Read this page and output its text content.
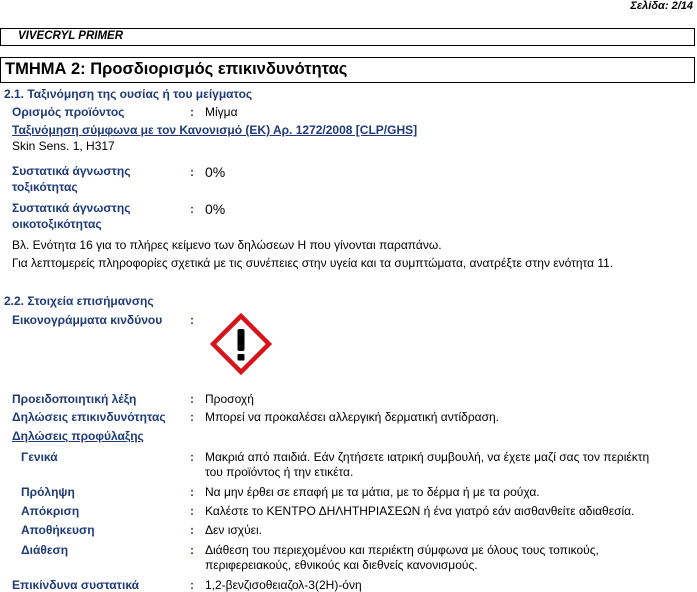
Σελίδα: 2/14
VIVECRYL PRIMER
ΤΜΗΜΑ 2: Προσδιορισμός επικινδυνότητας
2.1. Ταξινόμηση της ουσίας ή του μείγματος
Ορισμός προϊόντος	: Μίγμα
Ταξινόμηση σύμφωνα με τον Κανονισμό (ΕΚ) Αρ. 1272/2008 [CLP/GHS]
Skin Sens. 1, H317
Συστατικά άγνωστης
τοξικότητας
: 0%
Συστατικά άγνωστης
οικοτοξικότητας
: 0%
Βλ. Ενότητα 16 για το πλήρες κείμενο των δηλώσεων Η που γίνονται παραπάνω.
Για λεπτομερείς πληροφορίες σχετικά με τις συνέπειες στην υγεία και τα συμπτώματα, ανατρέξτε στην ενότητα 11.
2.2. Στοιχεία επισήμανσης
Εικονογράμματα κινδύνου :
Προειδοποιητική λέξη	: Προσοχή
Δηλώσεις επικινδυνότητας : Μπορεί να προκαλέσει αλλεργική δερματική αντίδραση.
Δηλώσεις προφύλαξης
Γενικά	: Μακριά από παιδιά. Εάν ζητήσετε ιατρική συμβουλή, να έχετε μαζί σας τον περιέκτη
του προϊόντος ή την ετικέτα.
Πρόληψη	: Να μην έρθει σε επαφή με τα μάτια, με το δέρμα ή με τα ρούχα.
Απόκριση	: Καλέστε το ΚΕΝΤΡΟ ΔΗΛΗΤΗΡΙΑΣΕΩΝ ή ένα γιατρό εάν αισθανθείτε αδιαθεσία.
Αποθήκευση	: Δεν ισχύει.
Διάθεση	: Διάθεση του περιεχομένου και περιέκτη σύμφωνα με όλους τους τοπικούς,
περιφερειακούς, εθνικούς και διεθνείς κανονισμούς.
Επικίνδυνα συστατικά	: 1,2-βενζισοθειαζολ-3(2H)-όνη
